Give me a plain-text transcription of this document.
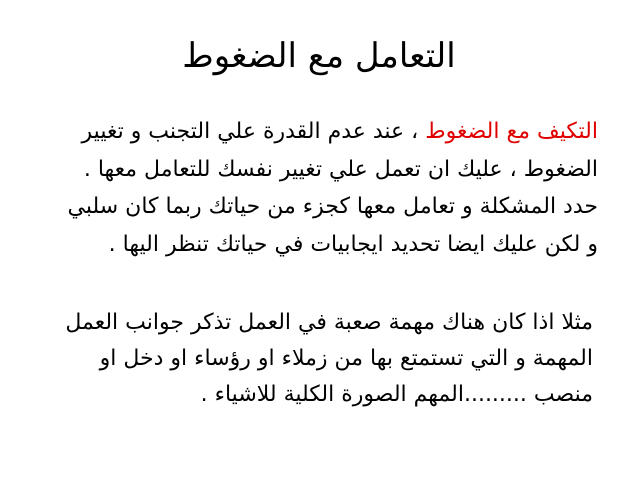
التعامل مع الضغوط
التكيف مع الضغوط ، عند عدم القدرة علي التجنب و تغيير
الضغوط ، عليك ان تعمل علي تغيير نفسك للتعامل معها .
حدد المشكلة و تعامل معها كجزء من حياتك ربما كان سلبي
و لكن عليك ايضا تحديد ايجابيات في حياتك تنظر اليها .
مثلا اذا كان هناك مهمة صعبة في العمل تذكر جوانب العمل
المهمة و التي تستمتع بها من زملاء او رؤساء او دخل او
منصب .........المهم الصورة الكلية للاشياء .
